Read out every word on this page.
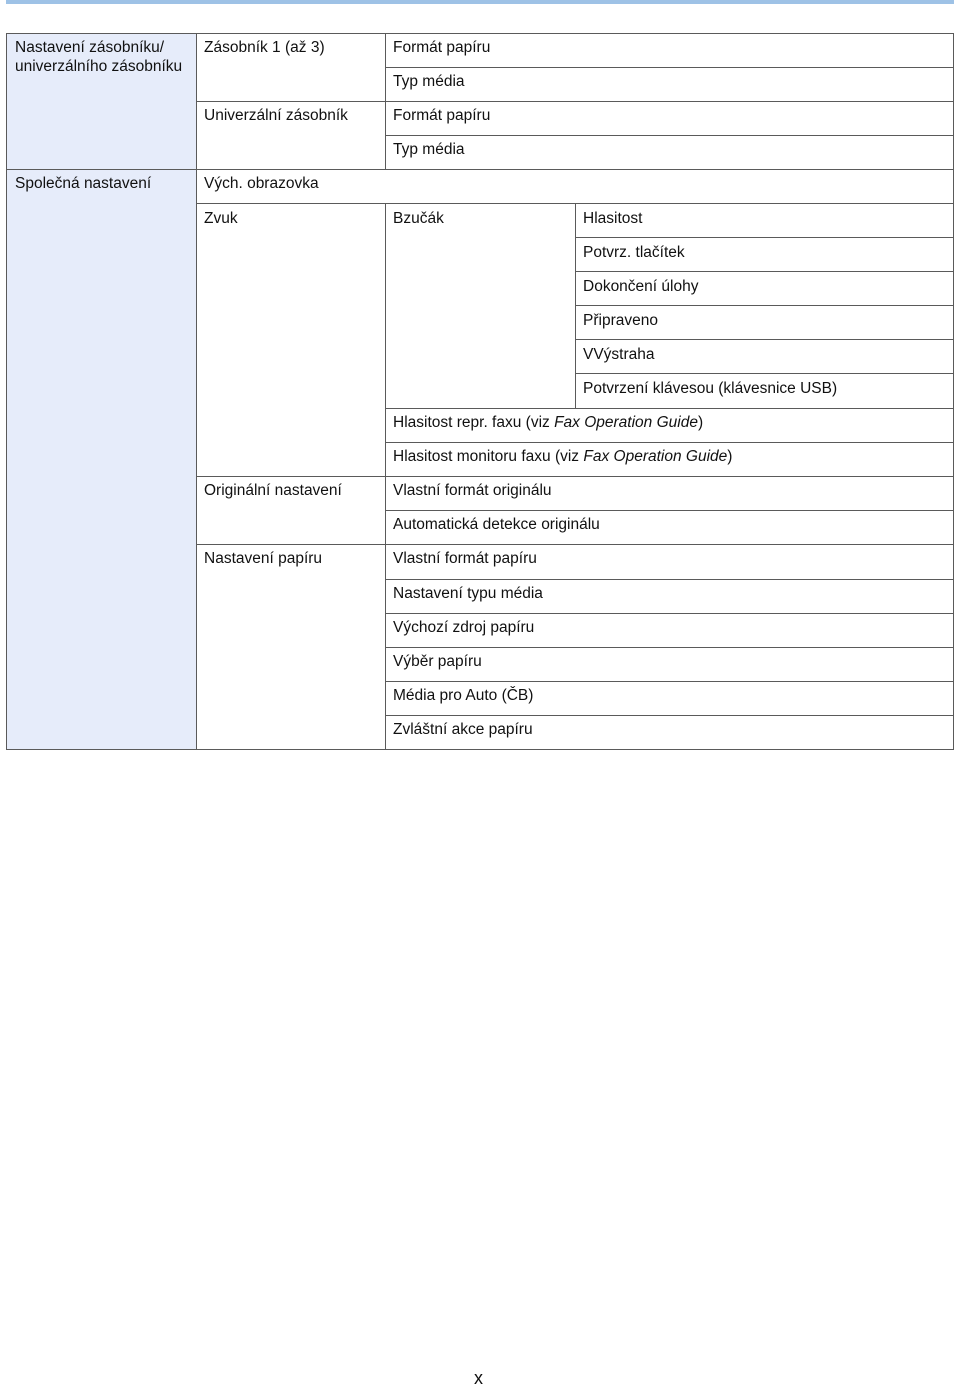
Nastavení zásobníku/ univerzálního zásobníku
Společná nastavení
Zásobník 1 (až 3)
Univerzální zásobník
Vých. obrazovka
Zvuk
Originální nastavení
Nastavení papíru
Formát papíru
Typ média
Formát papíru
Typ média
Bzučák
Hlasitost repr. faxu (viz Fax Operation Guide)
Hlasitost monitoru faxu (viz Fax Operation Guide)
Vlastní formát originálu
Automatická detekce originálu
Vlastní formát papíru
Nastavení typu média
Výchozí zdroj papíru
Výběr papíru
Média pro Auto (ČB)
Zvláštní akce papíru
Hlasitost
Potvrz. tlačítek
Dokončení úlohy
Připraveno
VVýstraha
Potvrzení klávesou (klávesnice USB)
x
